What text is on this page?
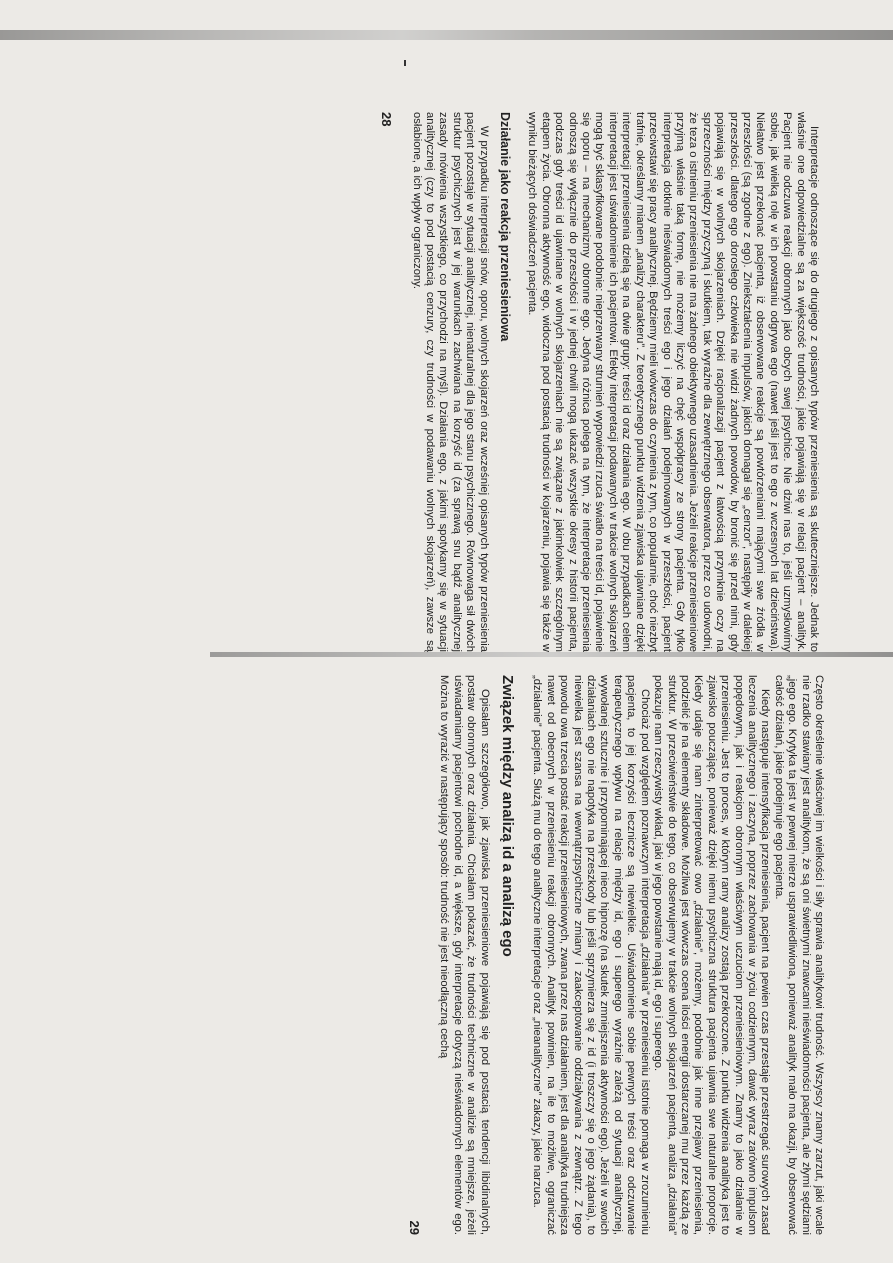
Interpretacje odnoszące się do drugiego z opisanych typów przeniesienia są skuteczniejsze. Jednak to właśnie one odpowiedzialne są za większość trudności, jakie pojawiają się w relacji pacjent – analityk. Pacjent nie odczuwa reakcji obronnych jako obcych swej psychice. Nie dziwi nas to, jeśli uzmysłowimy sobie, jak wielką rolę w ich powstaniu odgrywa ego (nawet jeśli jest to ego z wczesnych lat dzieciństwa). Niełatwo jest przekonać pacjenta, iż obserwowane reakcje są powtórzeniami mającymi swe źródła w przeszłości (są zgodne z ego). Zniekształcenia impulsów, jakich domagał się „cenzor”, następiły w dalekiej przeszłości. dlatego ego dorosłego człowieka nie widzi żadnych powodów, by bronić się przed nimi, gdy pojawiają się w wolnych skojarzeniach. Dzięki racjonalizacji pacjent z łatwością przymknie oczy na sprzeczności między przyczyną i skutkiem, tak wyraźne dla zewnętrznego obserwatora, przez co udowodni, że teza o istnieniu przeniesienia nie ma żadnego obiektywnego uzasadnienia. Jeżeli reakcje przeniesieniowe przyjmą właśnie taką formę, nie możemy liczyć na chęć współpracy ze strony pacjenta. Gdy tylko interpretacja dotknie nieświadomych treści ego i jego działań podejmowanych w przeszłości, pacjent przeciwstawi się pracy analitycznej. Będziemy mieli wówczas do czynienia z tym, co popularnie, choć niezbyt trafnie, określamy mianem „analizy charakteru”. Z teoretycznego punktu widzenia zjawiska ujawniane dzięki interpretacji przeniesienia dzielą się na dwie grupy: treści id oraz działania ego. W obu przypadkach celem interpretacji jest uświadomienie ich pacjentowi. Efekty interpretacji podawanych w trakcie wolnych skojarzeń mogą być sklasyfikowane podobnie: nieprzerwany strumień wypowiedzi rzuca światło na treści id, pojawienie się oporu – na mechanizmy obronne ego. Jedyna różnica polega na tym, że interpretacje przeniesienia odnoszą się wyłącznie do przeszłości i w jednej chwili mogą ukazać wszystkie okresy z historii pacjenta, podczas gdy treści id ujawniane w wolnych skojarzeniach nie są związane z jakimkolwiek szczególnym etapem życia. Obronna aktywność ego, widoczna pod postacią trudności w kojarzeniu, pojawia się także w wyniku bieżących doświadczeń pacjenta.

Działanie jako reakcja przeniesieniowa

W przypadku interpretacji snów, oporu, wolnych skojarzeń oraz wcześniej opisanych typów przeniesienia pacjent pozostaje w sytuacji analitycznej, nienaturalnej dla jego stanu psychicznego. Równowaga sił dwóch struktur psychicznych jest w jej warunkach zachwiana na korzyść id (za sprawą snu bądź analitycznej zasady mówienia wszystkiego, co przychodzi na myśl). Działania ego, z jakimi spotykamy się w sytuacji analitycznej (czy to pod postacią cenzury, czy trudności w podawaniu wolnych skojarzeń), zawsze są osłabione, a ich wpływ ograniczony.

28

Często określenie właściwej im wielkości i siły sprawia analitykowi trudność. Wszyscy znamy zarzut, jaki wcale nie rzadko stawiany jest analitykom, że są oni świetnymi znawcami nieświadomości pacjenta, ale złymi sędziami „jego ego. Krytyka ta jest w pewnej mierze usprawiedliwiona, ponieważ analityk mało ma okazji, by obserwować całość działań, jakie podejmuje ego pacjenta.

Kiedy następuje intensyfikacja przeniesienia, pacjent na pewien czas przestaje przestrzegać surowych zasad leczenia analitycznego i zaczyna, poprzez zachowania w życiu codziennym, dawać wyraz zarówno impulsom popędowym, jak i reakcjom obronnym właściwym uczuciom przeniesieniowym. Znamy to jako działanie w przeniesieniu. Jest to proces, w którym ramy analizy zostają przekroczone. Z punktu widzenia analityka jest to zjawisko pouczające, ponieważ dzięki niemu psychiczna struktura pacjenta ujawnia swe naturalne proporcje. Kiedy udaje się nam zinterpretować owo „działanie”, możemy, podobnie jak inne przejawy przeniesienia, podzielić je na elementy składowe. Możliwa jest wówczas ocena ilości energii dostarczanej mu przez każdą ze struktur. W przeciwieństwie do tego, co obserwujemy w trakcie wolnych skojarzeń pacjenta, analiza „działania” pokazuje nam rzeczywisty wkład, jaki w jego powstanie mają id, ego i superego.

Chociaż pod względem poznawczym interpretacja „działania” w przeniesieniu istotnie pomaga w zrozumieniu pacjenta, to jej korzyści lecznicze są niewielkie. Uświadomienie sobie pewnych treści oraz odczuwanie terapeutycznego wpływu na relacje między id, ego i superego wyraźnie zależą od sytuacji analitycznej, wywołanej sztucznie i przypominającej nieco hipnozę (na skutek zmniejszenia aktywności ego). Jeżeli w swoich działaniach ego nie napotyka na przeszkody lub jeśli sprzymierza się z id (i troszczy się o jego żądania), to niewielka jest szansa na wewnątrzpsychiczne zmiany i zaakceptowanie oddziaływania z zewnątrz. Z tego powodu owa trzecia postać reakcji przeniesieniowych, zwana przez nas działaniem, jest dla analityka trudniejsza nawet od obecnych w przeniesieniu reakcji obronnych. Analityk powinien, na ile to możliwe, ograniczać „działanie” pacjenta. Służą mu do tego analityczne interpretacje oraz „nieanalityczne” zakazy, jakie narzuca.

Związek między analizą id a analizą ego

Opisałam szczegółowo, jak zjawiska przeniesieniowe pojawiają się pod postacią tendencji libidinalnych, postaw obronnych oraz działania. Chciałam pokazać, że trudności techniczne w analizie są mniejsze, jeżeli uświadamiamy pacjentowi pochodne id, a większe, gdy interpretacje dotyczą nieświadomych elementów ego. Można to wyrazić w następujący sposób: trudność nie jest nieodłączną cechą

29
